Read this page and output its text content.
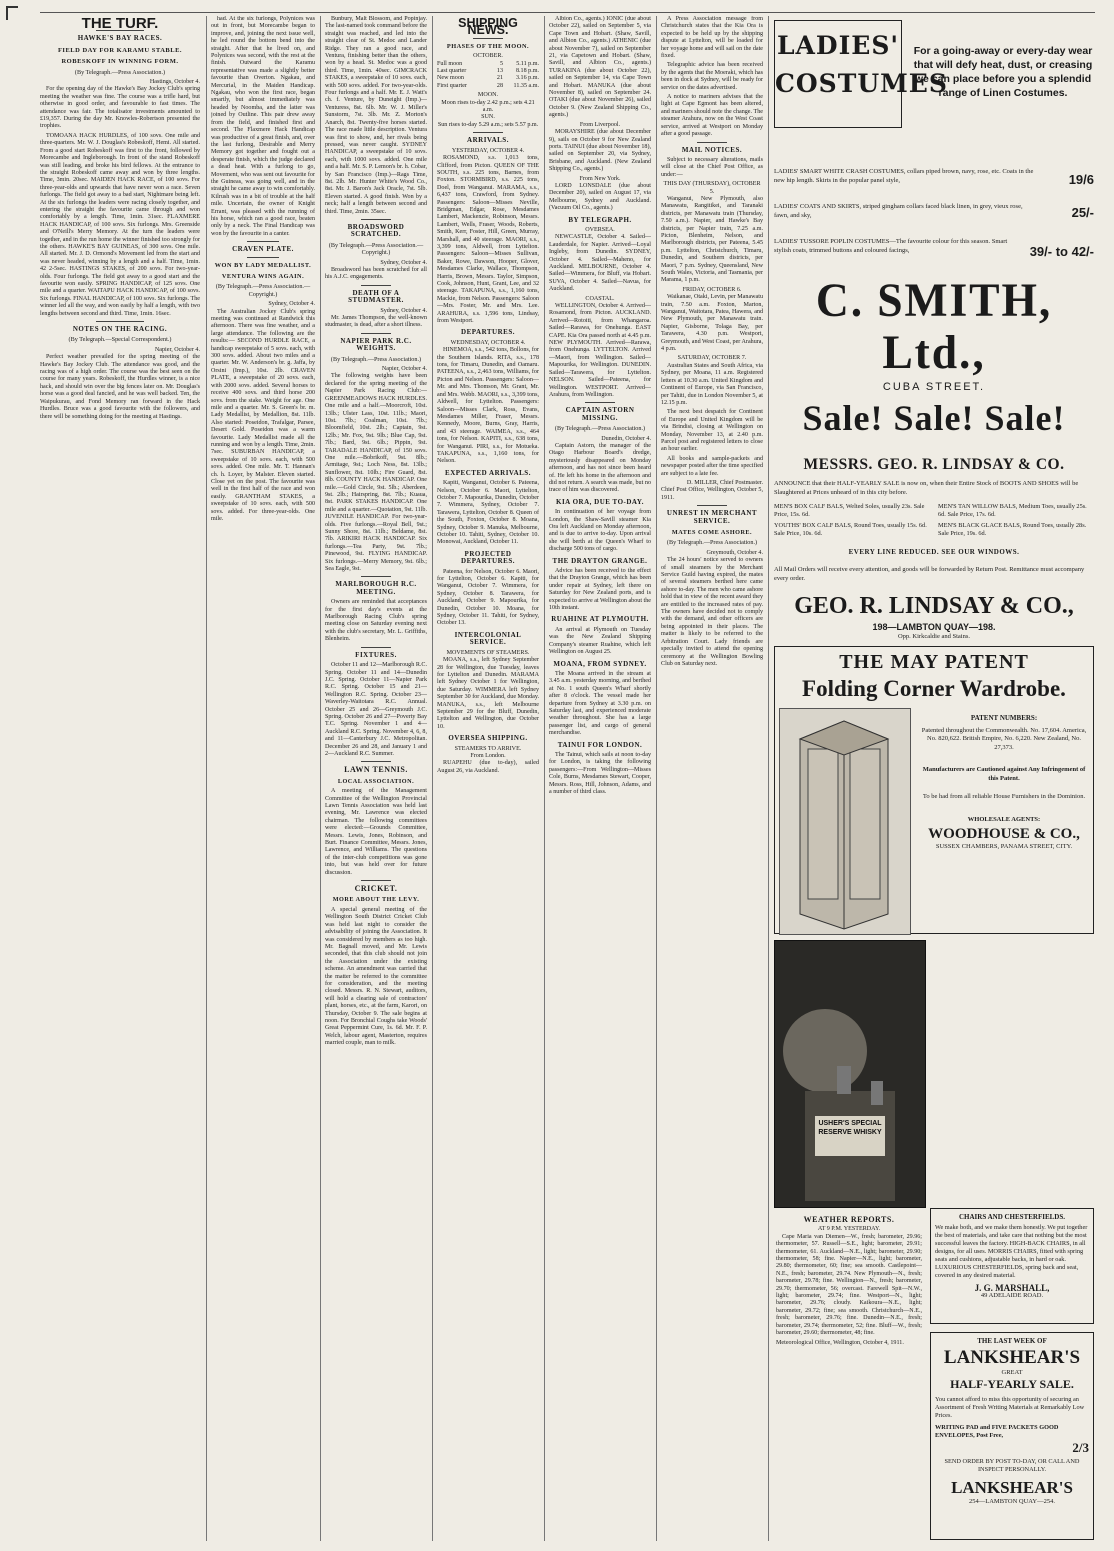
THE TURF.
HAWKE'S BAY RACES.
FIELD DAY FOR KARAMU STABLE.
ROBESKOFF IN WINNING FORM.
(By Telegraph.—Press Association.)
Hastings, October 4.

For the opening day of the Hawke's Bay Jockey Club's spring meeting the weather was fine. The course was a trifle hard, but otherwise in good order, and favourable to fast times. The attendance was fair. The totalisator investments amounted to £19,357. During the day Mr. Knowles-Robertson presented the trophies.

TOMOANA HACK HURDLES, of 100 sovs. One mile and three-quarters. Mr. W. J. Douglas's Robeskoff, Hemi. All started. From a good start Robeskoff was first to the front, followed by Morecambe and Ingleborough. In front of the stand Robeskoff was still leading, and broke his bird fellows. At the entrance to the straight Robeskoff came away and won by three lengths. Time, 3min. 20sec. MAIDEN HACK RACE, of 100 sovs. For three-year-olds and upwards that have never won a race. Seven furlongs. The field got away to a bad start, Nightmare being left. At the six furlongs the leaders were racing closely together, and entering the straight the favourite came through and won comfortably by a length. Time, 1min. 31sec. FLAXMERE HACK HANDICAP, of 100 sovs. Six furlongs. Mrs. Greenside and O'Neill's Merry Memory. At the turn the leaders were together, and in the run home the winner finished too strongly for the others. HAWKE'S BAY GUINEAS, of 300 sovs. One mile. All started. Mr. J. D. Ormond's Movement led from the start and was never headed, winning by a length and a half. Time, 1min. 42 2-5sec. HASTINGS STAKES, of 200 sovs. For two-year-olds. Four furlongs. The field got away to a good start and the favourite won easily. SPRING HANDICAP, of 125 sovs. One mile and a quarter. WAITAPU HACK HANDICAP, of 100 sovs. Six furlongs. FINAL HANDICAP, of 100 sovs. Six furlongs. The winner led all the way, and won easily by half a length, with two lengths between second and third. Time, 1min. 16sec.

NOTES ON THE RACING.
(By Telegraph.—Special Correspondent.)
Napier, October 4.

Perfect weather prevailed for the spring meeting of the Hawke's Bay Jockey Club. The attendance was good, and the racing was of a high order. The course was the best seen on the course for many years. Robeskoff, the Hurdles winner, is a nice hack, and should win over the big fences later on. Mr. Douglas's horse was a good deal fancied, and he was well backed. Ten, the Waipukurau, and Fond Memory ran forward in the Hack Hurdles. Bruce was a good favourite with the followers, and there will be something doing for the meeting at Hastings.

had. At the six furlongs, Polynices was out in front, but Morecambe began to improve, and, joining the next issue well, he led round the bottom bend into the straight. After that he lived on, and Polynices was second, with the rest at the finish. Outward the Karamu representative was made a slightly better favourite than Overton. Ngakau, and Mercurial, in the Maiden Handicap. Ngakau, who won the first race, began smartly, but almost immediately was headed by Noomba, and the latter was joined by Outline. This pair drew away from the field, and finished first and second. The Flaxmere Hack Handicap was productive of a great finish, and, over the last furlong, Desirable and Merry Memory got together and fought out a desperate finish, which the judge declared a dead heat. With a furlong to go, Movement, who was sent out favourite for the Guineas, was going well, and in the straight he came away to win comfortably. Kilrush was in a bit of trouble at the half mile. Uncertain, the owner of Knight Errant, was pleased with the running of his horse, which ran a good race, beaten only by a neck. The Final Handicap was won by the favourite in a canter.

CRAVEN PLATE.
WON BY LADY MEDALLIST.
VENTURA WINS AGAIN.
(By Telegraph.—Press Association.—Copyright.)
Sydney, October 4.

The Australian Jockey Club's spring meeting was continued at Randwick this afternoon. There was fine weather, and a large attendance. The following are the results:— SECOND HURDLE RACE, a handicap sweepstake of 5 sovs. each, with 300 sovs. added. About two miles and a quarter. Mr. W. Anderson's br. g. Jaffa, by Orsini (Imp.), 10st. 2lb. CRAVEN PLATE, a sweepstake of 20 sovs. each, with 2000 sovs. added. Several horses to receive 400 sovs. and third horse 200 sovs. from the stake. Weight for age. One mile and a quarter. Mr. S. Green's br. m. Lady Medallist, by Medallion, 8st. 11lb. Also started: Poseidon, Trafalgar, Parsee, Desert Gold. Poseidon was a warm favourite. Lady Medallist made all the running and won by a length. Time, 2min. 7sec. SUBURBAN HANDICAP, a sweepstake of 10 sovs. each, with 500 sovs. added. One mile. Mr. T. Hannan's ch. h. Loyer, by Malster. Eleven started. Close yet on the post. The favourite was well in the first half of the race and won easily. GRANTHAM STAKES, a sweepstake of 10 sovs. each, with 500 sovs. added. For three-year-olds. One mile.

Bunbury, Malt Blossom, and Popinjay. The last-named took command before the straight was reached, and led into the straight clear of St. Medoc and Lander Ridge. They ran a good race, and Ventura, finishing better than the others, won by a head. St. Medoc was a good third. Time, 1min. 40sec. GIMCRACK STAKES, a sweepstake of 10 sovs. each, with 500 sovs. added. For two-year-olds. Four furlongs and a half. Mr. E. J. Watt's ch. f. Venture, by Duneight (Imp.)—Venturess, 8st. 6lb. Mr. W. J. Miller's Sunstorm, 7st. 3lb. Mr. Z. Morton's Anarch, 8st. Twenty-five horses started. The race made little description. Ventura was first to show, and, her rivals being pressed, was never caught. SYDNEY HANDICAP, a sweepstake of 10 sovs. each, with 1000 sovs. added. One mile and a half. Mr. S. P. Lemon's br. h. Cobar, by San Francisco (Imp.)—Rags Time, 8st. 2lb. Mr. Hunter White's Wood Co., 8st. Mr. J. Baron's Jack Oracle, 7st. 5lb. Eleven started. A good finish. Won by a neck; half a length between second and third. Time, 2min. 35sec.

BROADSWORD SCRATCHED.
(By Telegraph.—Press Association.—Copyright.)
Sydney, October 4.

Broadsword has been scratched for all his A.J.C. engagements.

DEATH OF A STUDMASTER.
Sydney, October 4.

Mr. James Thompson, the well-known studmaster, is dead, after a short illness.

NAPIER PARK R.C. WEIGHTS.
(By Telegraph.—Press Association.)
Napier, October 4.

The following weights have been declared for the spring meeting of the Napier Park Racing Club:— GREENMEADOWS HACK HURDLES. One mile and a half.—Moorcroft, 10st. 13lb.; Ulster Lass, 10st. 11lb.; Maori, 10st. 7lb.; Coalman, 10st. 7lb.; Bloomfield, 10st. 2lb.; Captain, 9st. 12lb.; Mr. Fox, 9st. 9lb.; Blue Cap, 9st. 7lb.; Bard, 9st. 6lb.; Pippin, 9st. TARADALE HANDICAP, of 150 sovs. One mile.—Bobrikoff, 9st. 8lb.; Armitage, 9st.; Loch Ness, 8st. 13lb.; Sunflower, 8st. 10lb.; Fire Guard, 8st. 8lb. COUNTY HACK HANDICAP. One mile.—Gold Circle, 9st. 5lb.; Aberdeen, 9st. 2lb.; Hairspring, 8st. 7lb.; Kuaua, 8st. PARK STAKES HANDICAP. One mile and a quarter.—Quotation, 9st. 11lb. JUVENILE HANDICAP. For two-year-olds. Five furlongs.—Royal Bell, 9st.; Sunny Shore, 8st. 11lb.; Beldame, 8st. 7lb. ARIKIRI HACK HANDICAP. Six furlongs.—Tea Party, 9st. 7lb.; Pinewood, 9st. FLYING HANDICAP. Six furlongs.—Merry Memory, 9st. 6lb.; Sea Eagle, 9st.

MARLBOROUGH R.C. MEETING.

Owners are reminded that acceptances for the first day's events at the Marlborough Racing Club's spring meeting close on Saturday evening next with the club's secretary, Mr. L. Griffiths, Blenheim.

FIXTURES.

October 11 and 12—Marlborough R.C. Spring. October 11 and 14—Dunedin J.C. Spring. October 11—Napier Park R.C. Spring. October 15 and 21—Wellington R.C. Spring. October 23—Waverley-Waitotara R.C. Annual. October 25 and 26—Greymouth J.C. Spring. October 26 and 27—Poverty Bay T.C. Spring. November 1 and 4—Auckland R.C. Spring. November 4, 6, 8, and 11—Canterbury J.C. Metropolitan. December 26 and 28, and January 1 and 2—Auckland R.C. Summer.

LAWN TENNIS.
LOCAL ASSOCIATION.

A meeting of the Management Committee of the Wellington Provincial Lawn Tennis Association was held last evening, Mr. Lawrence was elected chairman. The following committees were elected:—Grounds Committee, Messrs. Lewis, Jones, Robinson, and Burt. Finance Committee, Messrs. Jones, Lawrence, and Williams. The questions of the inter-club competitions was gone into, but was held over for future discussion.

CRICKET.
MORE ABOUT THE LEVY.

A special general meeting of the Wellington South District Cricket Club was held last night to consider the advisability of joining the Association. It was considered by members as too high. Mr. Bagnall moved, and Mr. Lewis seconded, that this club should not join the Association under the existing scheme. An amendment was carried that the matter be referred to the committee for consideration, and the meeting closed. Messrs. R. N. Stewart, auditors, will hold a clearing sale of contractors' plant, horses, etc., at the farm, Karori, on Thursday, October 9. The sale begins at noon. For Bronchial Coughs take Woods' Great Peppermint Cure, 1s. 6d. Mr. F. P. Welch, labour agent, Masterton, requires married couple, man to milk.

SHIPPING NEWS.
PHASES OF THE MOON.
OCTOBER.
Full moon	5	5.11 p.m.
Last quarter	13	8.18 p.m.
New moon	21	3.16 p.m.
First quarter	28	11.35 a.m.
MOON.
Moon rises to-day 2.42 p.m.; sets 4.21 a.m.
SUN.
Sun rises to-day 5.29 a.m.; sets 5.57 p.m.
ARRIVALS.
YESTERDAY, OCTOBER 4.

ROSAMOND, s.s. 1,013 tons, Clifford, from Picton. QUEEN OF THE SOUTH, s.s. 225 tons, Barnes, from Foxton. STORMBIRD, s.s. 225 tons, Doel, from Wanganui. MARAMA, s.s., 6,437 tons, Crawford, from Sydney. Passengers: Saloon—Misses Neville, Bridgman, Edgar, Rose, Mesdames Lambert, Mackenzie, Robinson, Messrs. Lambert, Wells, Fraser, Woods, Roberts, Smith, Kerr, Foster, Hill, Green, Murray, Marshall, and 40 steerage. MAORI, s.s., 3,399 tons, Aldwell, from Lyttelton. Passengers: Saloon—Misses Sullivan, Baker, Rowe, Dawson, Hooper, Glover, Mesdames Clarke, Wallace, Thompson, Harris, Brown, Messrs. Taylor, Simpson, Cook, Johnson, Hunt, Grant, Lee, and 32 steerage. TAKAPUNA, s.s., 1,160 tons, Mackie, from Nelson. Passengers: Saloon—Mrs. Foster, Mr. and Mrs. Lee. ARAHURA, s.s. 1,596 tons, Lindsay, from Westport.

DEPARTURES.
WEDNESDAY, OCTOBER 4.

HINEMOA, s.s., 542 tons, Bollons, for the Southern Islands. RITA, s.s., 178 tons, for Timaru, Dunedin, and Oamaru. PATEENA, s.s., 2,463 tons, Williams, for Picton and Nelson. Passengers: Saloon—Mr. and Mrs. Thomson, Mr. Grant, Mr. and Mrs. Webb. MAORI, s.s., 3,399 tons, Aldwell, for Lyttelton. Passengers: Saloon—Misses Clark, Ross, Evans, Mesdames Miller, Fraser, Messrs. Kennedy, Moore, Burns, Gray, Harris, and 43 steerage. WAIMEA, s.s., 464 tons, for Nelson. KAPITI, s.s., 638 tons, for Wanganui. PIRI, s.s., for Motueka. TAKAPUNA, s.s., 1,160 tons, for Nelson.

EXPECTED ARRIVALS.

Kapiti, Wanganui, October 6. Pateena, Nelson, October 6. Maori, Lyttelton, October 7. Mapourika, Dunedin, October 7. Wimmera, Sydney, October 7. Tarawera, Lyttelton, October 8. Queen of the South, Foxton, October 8. Moana, Sydney, October 9. Manuka, Melbourne, October 10. Tahiti, Sydney, October 10. Monowai, Auckland, October 11.

PROJECTED DEPARTURES.

Pateena, for Nelson, October 6. Maori, for Lyttelton, October 6. Kapiti, for Wanganui, October 7. Wimmera, for Sydney, October 8. Tarawera, for Auckland, October 9. Mapourika, for Dunedin, October 10. Moana, for Sydney, October 11. Tahiti, for Sydney, October 13.

INTERCOLONIAL SERVICE.
MOVEMENTS OF STEAMERS.

MOANA, s.s., left Sydney September 28 for Wellington, due Tuesday, leaves for Lyttelton and Dunedin. MARAMA left Sydney October 1 for Wellington, due Saturday. WIMMERA left Sydney September 30 for Auckland, due Monday. MANUKA, s.s., left Melbourne September 29 for the Bluff, Dunedin, Lyttelton and Wellington, due October 10.

OVERSEA SHIPPING.
STEAMERS TO ARRIVE.
From London.

RUAPEHU (due to-day), sailed August 26, via Auckland.

Albion Co., agents.) IONIC (due about October 22), sailed on September 5, via Cape Town and Hobart. (Shaw, Savill, and Albion Co., agents.) ATHENIC (due about November 7), sailed on September 21, via Capetown and Hobart. (Shaw, Savill, and Albion Co., agents.) TURAKINA (due about October 22), sailed on September 14, via Cape Town and Hobart. MANUKA (due about November 8), sailed on September 24. OTAKI (due about November 26), sailed October 9. (New Zealand Shipping Co., agents.)

From Liverpool.

MORAYSHIRE (due about December 9), sails on October 9 for New Zealand ports. TAINUI (due about November 18), sailed on September 20, via Sydney, Brisbane, and Auckland. (New Zealand Shipping Co., agents.)

From New York.

LORD LONSDALE (due about December 20), sailed on August 17, via Melbourne, Sydney and Auckland. (Vacuum Oil Co., agents.)

BY TELEGRAPH.
OVERSEA.

NEWCASTLE, October 4. Sailed—Lauderdale, for Napier. Arrived—Loyal Ingleby, from Dunedin. SYDNEY, October 4. Sailed—Maheno, for Auckland. MELBOURNE, October 4. Sailed—Wimmera, for Bluff, via Hobart. SUVA, October 4. Sailed—Navua, for Auckland.

COASTAL.

WELLINGTON, October 4. Arrived—Rosamond, from Picton. AUCKLAND. Arrived—Rotoiti, from Whangaroa. Sailed—Rarawa, for Onehunga. EAST CAPE. Kia Ora passed north at 4.45 p.m. NEW PLYMOUTH. Arrived—Rarawa, from Onehunga. LYTTELTON. Arrived—Maori, from Wellington. Sailed—Mapourika, for Wellington. DUNEDIN. Sailed—Tarawera, for Lyttelton. NELSON. Sailed—Pateena, for Wellington. WESTPORT. Arrived—Arahura, from Wellington.

CAPTAIN ASTORN MISSING.
(By Telegraph.—Press Association.)
Dunedin, October 4.

Captain Astorn, the manager of the Otago Harbour Board's dredge, mysteriously disappeared on Monday afternoon, and has not since been heard of. He left his home in the afternoon and did not return. A search was made, but no trace of him was discovered.

KIA ORA, DUE TO-DAY.

In continuation of her voyage from London, the Shaw-Savill steamer Kia Ora left Auckland on Monday afternoon, and is due to arrive to-day. Upon arrival she will berth at the Queen's Wharf to discharge 500 tons of cargo.

THE DRAYTON GRANGE.

Advice has been received to the effect that the Drayton Grange, which has been under repair at Sydney, left there on Saturday for New Zealand ports, and is expected to arrive at Wellington about the 10th instant.

RUAHINE AT PLYMOUTH.

An arrival at Plymouth on Tuesday was the New Zealand Shipping Company's steamer Ruahine, which left Wellington on August 25.

MOANA, FROM SYDNEY.

The Moana arrived in the stream at 3.45 a.m. yesterday morning, and berthed at No. 1 south Queen's Wharf shortly after 8 o'clock. The vessel made her departure from Sydney at 3.30 p.m. on Saturday last, and experienced moderate weather throughout. She has a large passenger list, and cargo of general merchandise.

TAINUI FOR LONDON.

The Tainui, which sails at noon to-day for London, is taking the following passengers:—From Wellington—Misses Cole, Burns, Mesdames Stewart, Cooper, Messrs. Ross, Hill, Johnson, Adams, and a number of third class.

A Press Association message from Christchurch states that the Kia Ora is expected to be held up by the shipping dispute at Lyttelton, will be loaded for her voyage home and will sail on the date fixed.

Telegraphic advice has been received by the agents that the Moeraki, which has been in dock at Sydney, will be ready for service on the dates advertised.

A notice to mariners advises that the light at Cape Egmont has been altered, and mariners should note the change. The steamer Arahura, now on the West Coast service, arrived at Westport on Monday after a good passage.

MAIL NOTICES.

Subject to necessary alterations, mails will close at the Chief Post Office, as under:—

THIS DAY (THURSDAY), OCTOBER 5.

Wanganui, New Plymouth, also Manawatu, Rangitikei, and Taranaki districts, per Manawatu train (Thursday, 7.50 a.m.). Napier, and Hawke's Bay districts, per Napier train, 7.25 a.m. Picton, Blenheim, Nelson, and Marlborough districts, per Pateena, 5.45 p.m. Lyttelton, Christchurch, Timaru, Dunedin, and Southern districts, per Maori, 7 p.m. Sydney, Queensland, New South Wales, Victoria, and Tasmania, per Marama, 1 p.m.

FRIDAY, OCTOBER 6.

Waikanae, Otaki, Levin, per Manawatu train, 7.50 a.m. Foxton, Marton, Wanganui, Waitotara, Patea, Hawera, and New Plymouth, per Manawatu train. Napier, Gisborne, Tolaga Bay, per Tarawera, 4.30 p.m. Westport, Greymouth, and West Coast, per Arahura, 4 p.m.

SATURDAY, OCTOBER 7.

Australian States and South Africa, via Sydney, per Moana, 11 a.m. Registered letters at 10.30 a.m. United Kingdom and Continent of Europe, via San Francisco, per Tahiti, due in London November 5, at 12.15 p.m.

The next best despatch for Continent of Europe and United Kingdom will be via Brindisi, closing at Wellington on Monday, November 13, at 2.40 p.m. Parcel post and registered letters to close an hour earlier.

All books and sample-packets and newspaper posted after the time specified are subject to a late fee.

D. MILLER, Chief Postmaster.
Chief Post Office, Wellington, October 5, 1911.
UNREST IN MERCHANT SERVICE.
MATES COME ASHORE.
(By Telegraph.—Press Association.)
Greymouth, October 4.

The 24 hours' notice served to owners of small steamers by the Merchant Service Guild having expired, the mates of several steamers berthed here came ashore to-day. The men who came ashore hold that in view of the recent award they are entitled to the increased rates of pay. The owners have decided not to comply with the demand, and other officers are being appointed in their places. The matter is likely to be referred to the Arbitration Court. Lady friends are specially invited to attend the opening ceremony at the Wellington Bowling Club on Saturday next.

LADIES' COSTUMES
For a going-away or every-day wear that will defy heat, dust, or creasing we can place before you a splendid range of Linen Costumes.
LADIES' SMART WHITE CRASH COSTUMES, collars piped brown, navy, rose, etc. Coats in the new hip length. Skirts in the popular panel style,	19/6
LADIES' COATS AND SKIRTS, striped gingham collars faced black linen, in grey, vieux rose, fawn, and sky,	25/-
LADIES' TUSSORE POPLIN COSTUMES—The favourite colour for this season. Smart stylish coats, trimmed buttons and coloured facings,	39/- to 42/-
C. SMITH, Ltd.,
CUBA STREET.
Sale! Sale! Sale!
MESSRS. GEO. R. LINDSAY & CO.
ANNOUNCE that their HALF-YEARLY SALE is now on, when their Entire Stock of BOOTS AND SHOES will be Slaughtered at Prices unheard of in this city before.
MEN'S BOX CALF BALS, Welted Soles, usually 23s. Sale Price, 15s. 6d.
MEN'S TAN WILLOW BALS, Medium Toes, usually 25s. 6d. Sale Price, 17s. 6d.
YOUTHS' BOX CALF BALS, Round Toes, usually 15s. 6d. Sale Price, 10s. 6d.
MEN'S BLACK GLACE BALS, Round Toes, usually 28s. Sale Price, 19s. 6d.
EVERY LINE REDUCED. SEE OUR WINDOWS.
All Mail Orders will receive every attention, and goods will be forwarded by Return Post. Remittance must accompany every order.
GEO. R. LINDSAY & CO.,
198—LAMBTON QUAY—198.
Opp. Kirkcaldie and Stains.
THE MAY PATENT
Folding Corner Wardrobe.
PATENT NUMBERS:
Patented throughout the Commonwealth. No. 17,604. America, No. 820,622. British Empire, No. 6,220. New Zealand, No. 27,373.
Manufacturers are Cautioned against Any Infringement of this Patent.
To be had from all reliable House Furnishers in the Dominion.
WHOLESALE AGENTS:
WOODHOUSE & CO.,
SUSSEX CHAMBERS, PANAMA STREET, CITY.
USHER'S SPECIAL RESERVE WHISKY
WEATHER REPORTS.
AT 9 P.M. YESTERDAY.

Cape Maria van Diemen—W., fresh; barometer, 29.96; thermometer, 57. Russell—S.E., light; barometer, 29.91; thermometer, 61. Auckland—N.E., light; barometer, 29.90; thermometer, 58; fine. Napier—N.E., light; barometer, 29.80; thermometer, 60; fine; sea smooth. Castlepoint—N.E., fresh; barometer, 29.74. New Plymouth—N., fresh; barometer, 29.78; fine. Wellington—N., fresh; barometer, 29.70; thermometer, 56; overcast. Farewell Spit—N.W., light; barometer, 29.74; fine. Westport—N., light; barometer, 29.76; cloudy. Kaikoura—N.E., light; barometer, 29.72; fine; sea smooth. Christchurch—N.E., fresh; barometer, 29.76; fine. Dunedin—N.E., fresh; barometer, 29.74; thermometer, 52; fine. Bluff—W., fresh; barometer, 29.60; thermometer, 48; fine.

Meteorological Office, Wellington, October 4, 1911.
CHAIRS AND CHESTERFIELDS.
We make both, and we make them honestly. We put together the best of materials, and take care that nothing but the most successful leaves the factory. HIGH-BACK CHAIRS, in all designs, for all uses. MORRIS CHAIRS, fitted with spring seats and cushions, adjustable backs, in hard or oak. LUXURIOUS CHESTERFIELDS, spring back and seat, covered in any desired material.
J. G. MARSHALL,
49 ADELAIDE ROAD.
THE LAST WEEK OF
LANKSHEAR'S
GREAT
HALF-YEARLY SALE.
You cannot afford to miss this opportunity of securing an Assortment of Fresh Writing Materials at Remarkably Low Prices.
WRITING PAD and FIVE PACKETS GOOD ENVELOPES, Post Free,
2/3
SEND ORDER BY POST TO-DAY, OR CALL AND INSPECT PERSONALLY.
LANKSHEAR'S
254—LAMBTON QUAY—254.
